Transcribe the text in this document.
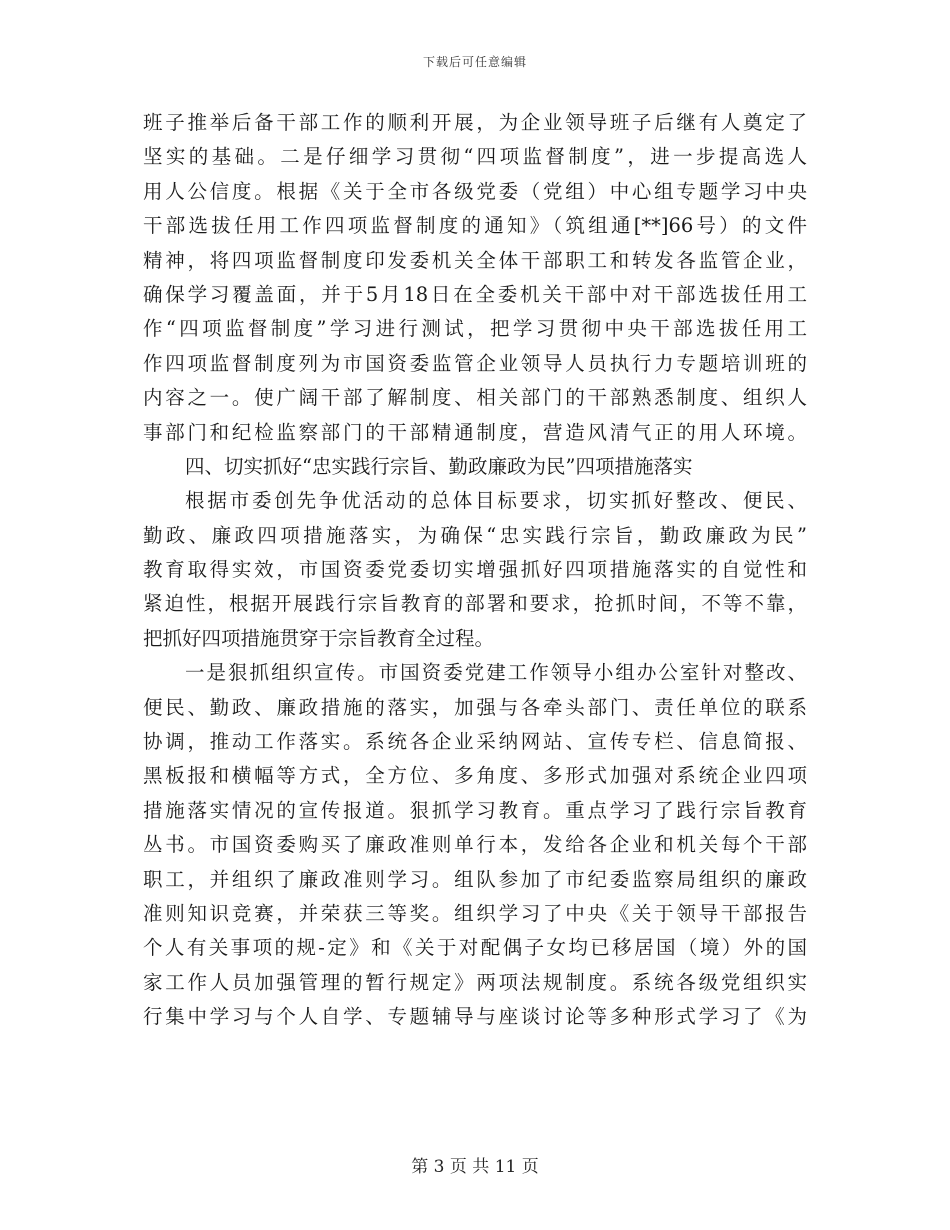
下载后可任意编辑
班子推举后备干部工作的顺利开展，为企业领导班子后继有人奠定了
坚实的基础。二是仔细学习贯彻“四项监督制度”，进一步提高选人
用人公信度。根据《关于全市各级党委（党组）中心组专题学习中央
干部选拔任用工作四项监督制度的通知》（筑组通[**]66号）的文件
精神，将四项监督制度印发委机关全体干部职工和转发各监管企业，
确保学习覆盖面，并于5月18日在全委机关干部中对干部选拔任用工
作“四项监督制度”学习进行测试，把学习贯彻中央干部选拔任用工
作四项监督制度列为市国资委监管企业领导人员执行力专题培训班的
内容之一。使广阔干部了解制度、相关部门的干部熟悉制度、组织人
事部门和纪检监察部门的干部精通制度，营造风清气正的用人环境。
四、切实抓好“忠实践行宗旨、勤政廉政为民”四项措施落实
根据市委创先争优活动的总体目标要求，切实抓好整改、便民、
勤政、廉政四项措施落实，为确保“忠实践行宗旨，勤政廉政为民”
教育取得实效，市国资委党委切实增强抓好四项措施落实的自觉性和
紧迫性，根据开展践行宗旨教育的部署和要求，抢抓时间，不等不靠，
把抓好四项措施贯穿于宗旨教育全过程。
一是狠抓组织宣传。市国资委党建工作领导小组办公室针对整改、
便民、勤政、廉政措施的落实，加强与各牵头部门、责任单位的联系
协调，推动工作落实。系统各企业采纳网站、宣传专栏、信息简报、
黑板报和横幅等方式，全方位、多角度、多形式加强对系统企业四项
措施落实情况的宣传报道。狠抓学习教育。重点学习了践行宗旨教育
丛书。市国资委购买了廉政准则单行本，发给各企业和机关每个干部
职工，并组织了廉政准则学习。组队参加了市纪委监察局组织的廉政
准则知识竞赛，并荣获三等奖。组织学习了中央《关于领导干部报告
个人有关事项的规-定》和《关于对配偶子女均已移居国（境）外的国
家工作人员加强管理的暂行规定》两项法规制度。系统各级党组织实
行集中学习与个人自学、专题辅导与座谈讨论等多种形式学习了《为
第 3 页 共 11 页
